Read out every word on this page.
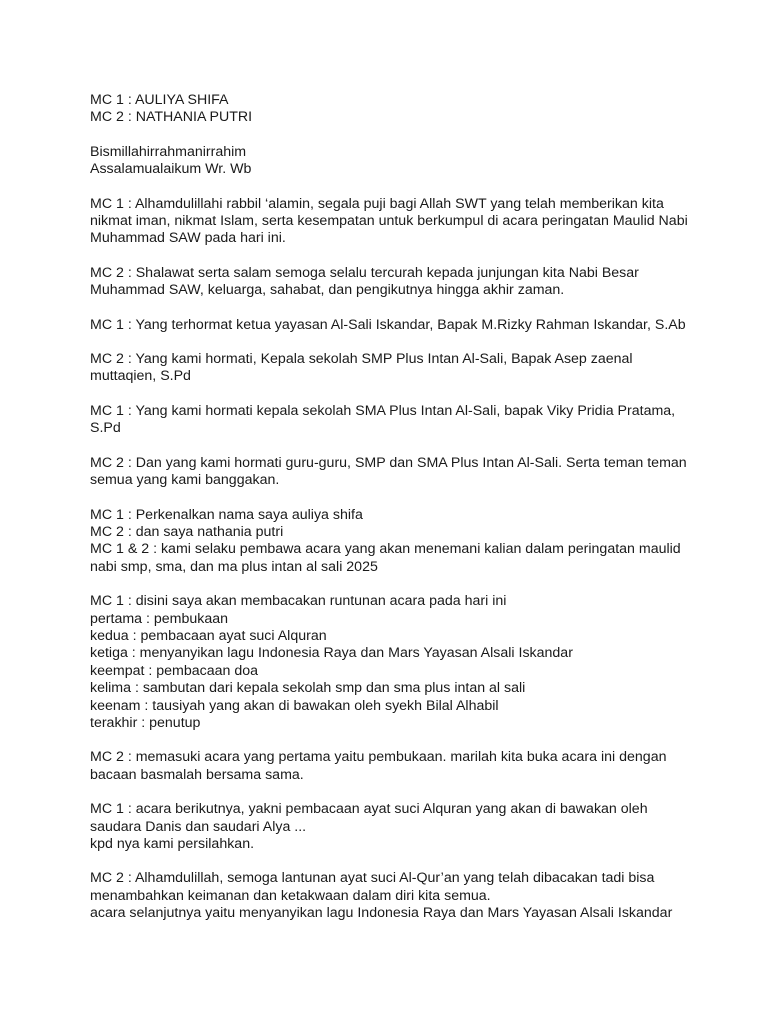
MC 1 : AULIYA SHIFA
MC 2 : NATHANIA PUTRI

Bismillahirrahmanirrahim
Assalamualaikum Wr. Wb

MC 1 : Alhamdulillahi rabbil ‘alamin, segala puji bagi Allah SWT yang telah memberikan kita
nikmat iman, nikmat Islam, serta kesempatan untuk berkumpul di acara peringatan Maulid Nabi
Muhammad SAW pada hari ini.

MC 2 : Shalawat serta salam semoga selalu tercurah kepada junjungan kita Nabi Besar
Muhammad SAW, keluarga, sahabat, dan pengikutnya hingga akhir zaman.

MC 1 : Yang terhormat ketua yayasan Al-Sali Iskandar, Bapak M.Rizky Rahman Iskandar, S.Ab

MC 2 : Yang kami hormati, Kepala sekolah SMP Plus Intan Al-Sali, Bapak Asep zaenal
muttaqien, S.Pd

MC 1 : Yang kami hormati kepala sekolah SMA Plus Intan Al-Sali, bapak Viky Pridia Pratama,
S.Pd

MC 2 : Dan yang kami hormati guru-guru, SMP dan SMA Plus Intan Al-Sali. Serta teman teman
semua yang kami banggakan.

MC 1 : Perkenalkan nama saya auliya shifa
MC 2 : dan saya nathania putri
MC 1 & 2 : kami selaku pembawa acara yang akan menemani kalian dalam peringatan maulid
nabi smp, sma, dan ma plus intan al sali 2025

MC 1 : disini saya akan membacakan runtunan acara pada hari ini
pertama : pembukaan
kedua : pembacaan ayat suci Alquran
ketiga : menyanyikan lagu Indonesia Raya dan Mars Yayasan Alsali Iskandar
keempat : pembacaan doa
kelima : sambutan dari kepala sekolah smp dan sma plus intan al sali
keenam : tausiyah yang akan di bawakan oleh syekh Bilal Alhabil
terakhir : penutup

MC 2 : memasuki acara yang pertama yaitu pembukaan. marilah kita buka acara ini dengan
bacaan basmalah bersama sama.

MC 1 : acara berikutnya, yakni pembacaan ayat suci Alquran yang akan di bawakan oleh
saudara Danis dan saudari Alya ...
kpd nya kami persilahkan.

MC 2 : Alhamdulillah, semoga lantunan ayat suci Al-Qur’an yang telah dibacakan tadi bisa
menambahkan keimanan dan ketakwaan dalam diri kita semua.
acara selanjutnya yaitu menyanyikan lagu Indonesia Raya dan Mars Yayasan Alsali Iskandar
